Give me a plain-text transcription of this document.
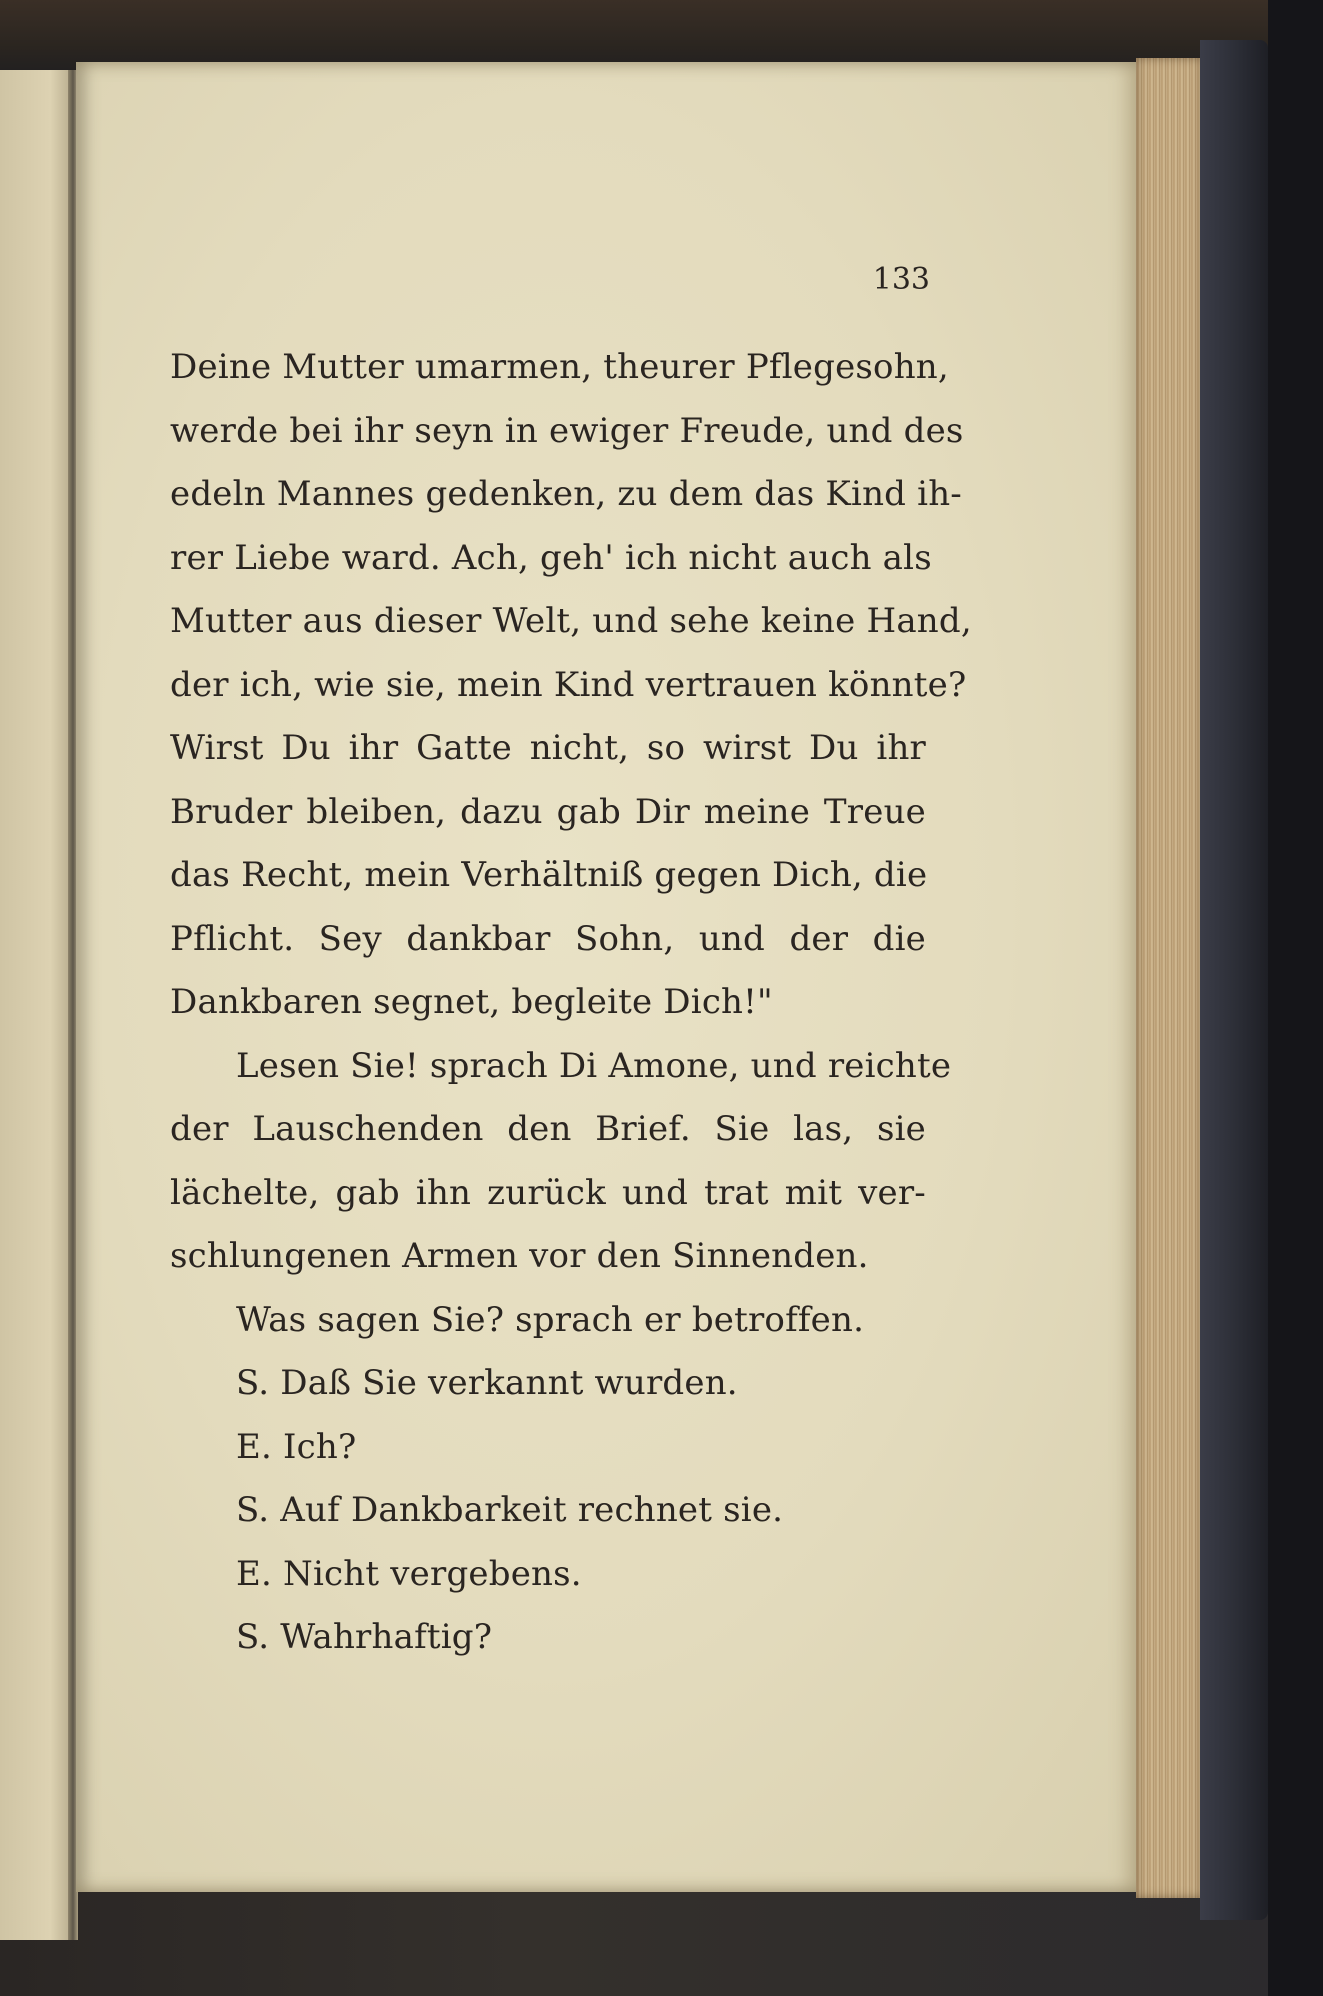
133
Deine Mutter umarmen, theurer Pflegesohn,
werde bei ihr seyn in ewiger Freude, und des
edeln Mannes gedenken, zu dem das Kind ih-
rer Liebe ward. Ach, geh' ich nicht auch als
Mutter aus dieser Welt, und sehe keine Hand,
der ich, wie sie, mein Kind vertrauen könnte?
Wirst Du ihr Gatte nicht, so wirst Du ihr
Bruder bleiben, dazu gab Dir meine Treue
das Recht, mein Verhältniß gegen Dich, die
Pflicht. Sey dankbar Sohn, und der die
Dankbaren segnet, begleite Dich!"
Lesen Sie! sprach Di Amone, und reichte
der Lauschenden den Brief. Sie las, sie
lächelte, gab ihn zurück und trat mit ver-
schlungenen Armen vor den Sinnenden.
Was sagen Sie? sprach er betroffen.
S. Daß Sie verkannt wurden.
E. Ich?
S. Auf Dankbarkeit rechnet sie.
E. Nicht vergebens.
S. Wahrhaftig?
